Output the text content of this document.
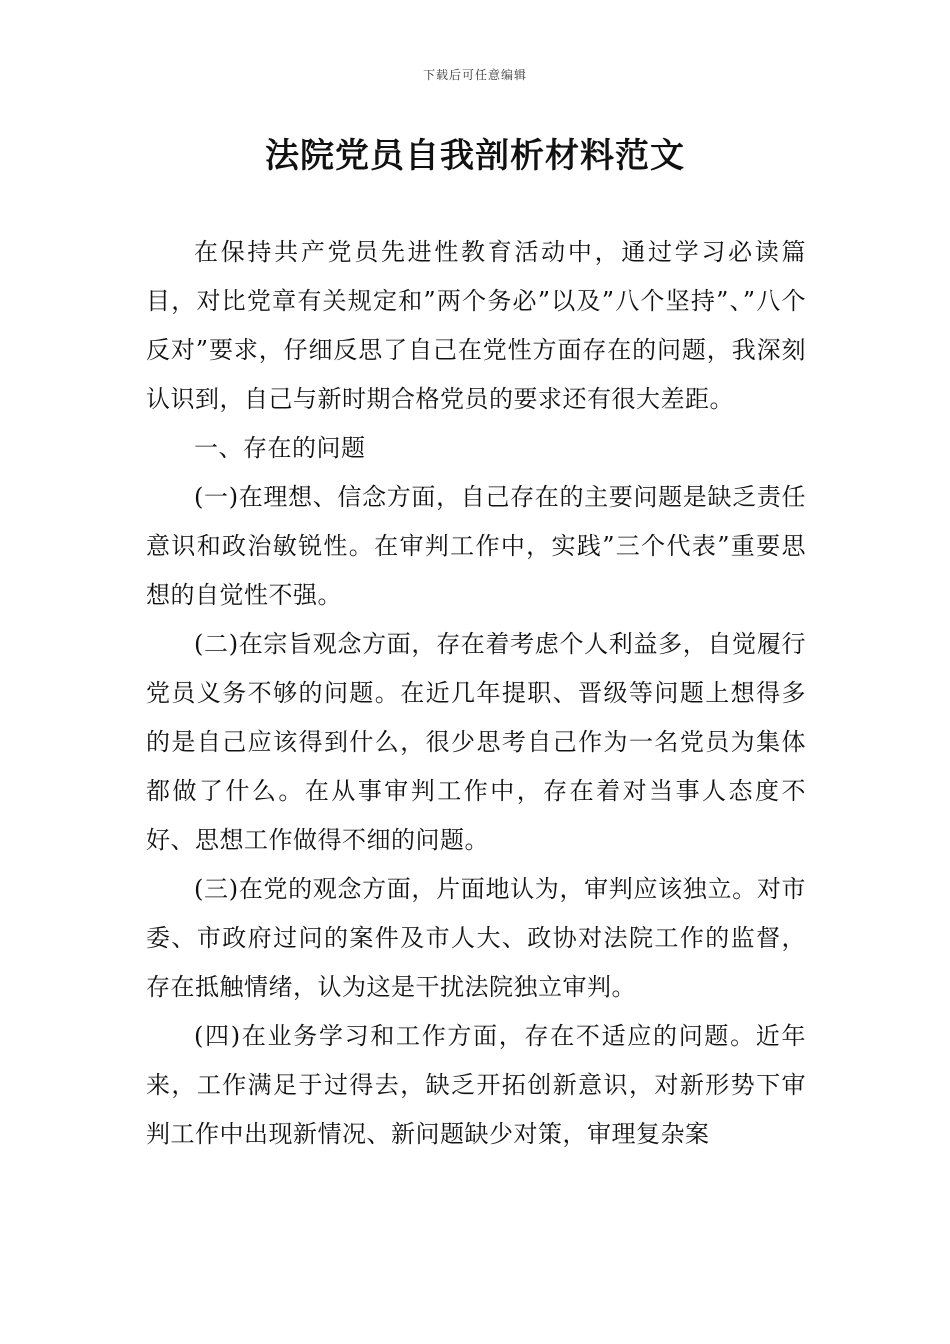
下载后可任意编辑
法院党员自我剖析材料范文

在保持共产党员先进性教育活动中，通过学习必读篇目，对比党章有关规定和”两个务必”以及”八个坚持”、”八个反对”要求，仔细反思了自己在党性方面存在的问题，我深刻认识到，自己与新时期合格党员的要求还有很大差距。

一、存在的问题

(一)在理想、信念方面，自己存在的主要问题是缺乏责任意识和政治敏锐性。在审判工作中，实践”三个代表”重要思想的自觉性不强。

(二)在宗旨观念方面，存在着考虑个人利益多，自觉履行党员义务不够的问题。在近几年提职、晋级等问题上想得多的是自己应该得到什么，很少思考自己作为一名党员为集体都做了什么。在从事审判工作中，存在着对当事人态度不好、思想工作做得不细的问题。

(三)在党的观念方面，片面地认为，审判应该独立。对市委、市政府过问的案件及市人大、政协对法院工作的监督，存在抵触情绪，认为这是干扰法院独立审判。

(四)在业务学习和工作方面，存在不适应的问题。近年来，工作满足于过得去，缺乏开拓创新意识，对新形势下审判工作中出现新情况、新问题缺少对策，审理复杂案
